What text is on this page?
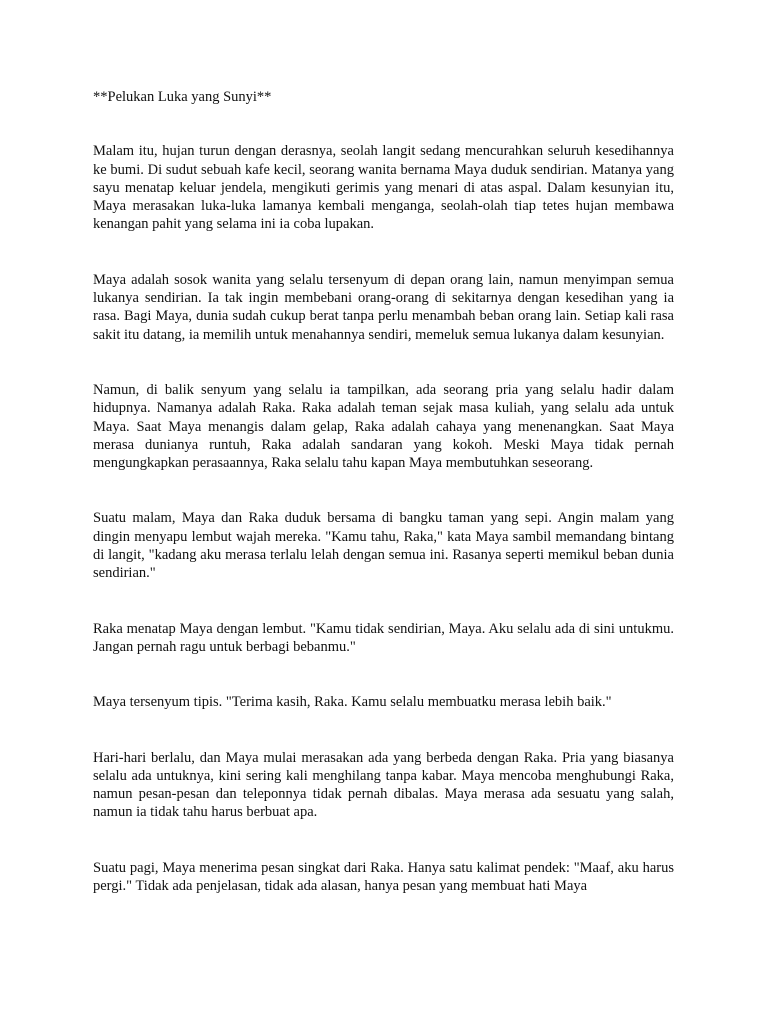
**Pelukan Luka yang Sunyi**

Malam itu, hujan turun dengan derasnya, seolah langit sedang mencurahkan seluruh kesedihannya ke bumi. Di sudut sebuah kafe kecil, seorang wanita bernama Maya duduk sendirian. Matanya yang sayu menatap keluar jendela, mengikuti gerimis yang menari di atas aspal. Dalam kesunyian itu, Maya merasakan luka-luka lamanya kembali menganga, seolah-olah tiap tetes hujan membawa kenangan pahit yang selama ini ia coba lupakan.

Maya adalah sosok wanita yang selalu tersenyum di depan orang lain, namun menyimpan semua lukanya sendirian. Ia tak ingin membebani orang-orang di sekitarnya dengan kesedihan yang ia rasa. Bagi Maya, dunia sudah cukup berat tanpa perlu menambah beban orang lain. Setiap kali rasa sakit itu datang, ia memilih untuk menahannya sendiri, memeluk semua lukanya dalam kesunyian.

Namun, di balik senyum yang selalu ia tampilkan, ada seorang pria yang selalu hadir dalam hidupnya. Namanya adalah Raka. Raka adalah teman sejak masa kuliah, yang selalu ada untuk Maya. Saat Maya menangis dalam gelap, Raka adalah cahaya yang menenangkan. Saat Maya merasa dunianya runtuh, Raka adalah sandaran yang kokoh. Meski Maya tidak pernah mengungkapkan perasaannya, Raka selalu tahu kapan Maya membutuhkan seseorang.

Suatu malam, Maya dan Raka duduk bersama di bangku taman yang sepi. Angin malam yang dingin menyapu lembut wajah mereka. "Kamu tahu, Raka," kata Maya sambil memandang bintang di langit, "kadang aku merasa terlalu lelah dengan semua ini. Rasanya seperti memikul beban dunia sendirian."

Raka menatap Maya dengan lembut. "Kamu tidak sendirian, Maya. Aku selalu ada di sini untukmu. Jangan pernah ragu untuk berbagi bebanmu."

Maya tersenyum tipis. "Terima kasih, Raka. Kamu selalu membuatku merasa lebih baik."

Hari-hari berlalu, dan Maya mulai merasakan ada yang berbeda dengan Raka. Pria yang biasanya selalu ada untuknya, kini sering kali menghilang tanpa kabar. Maya mencoba menghubungi Raka, namun pesan-pesan dan teleponnya tidak pernah dibalas. Maya merasa ada sesuatu yang salah, namun ia tidak tahu harus berbuat apa.

Suatu pagi, Maya menerima pesan singkat dari Raka. Hanya satu kalimat pendek: "Maaf, aku harus pergi." Tidak ada penjelasan, tidak ada alasan, hanya pesan yang membuat hati Maya
